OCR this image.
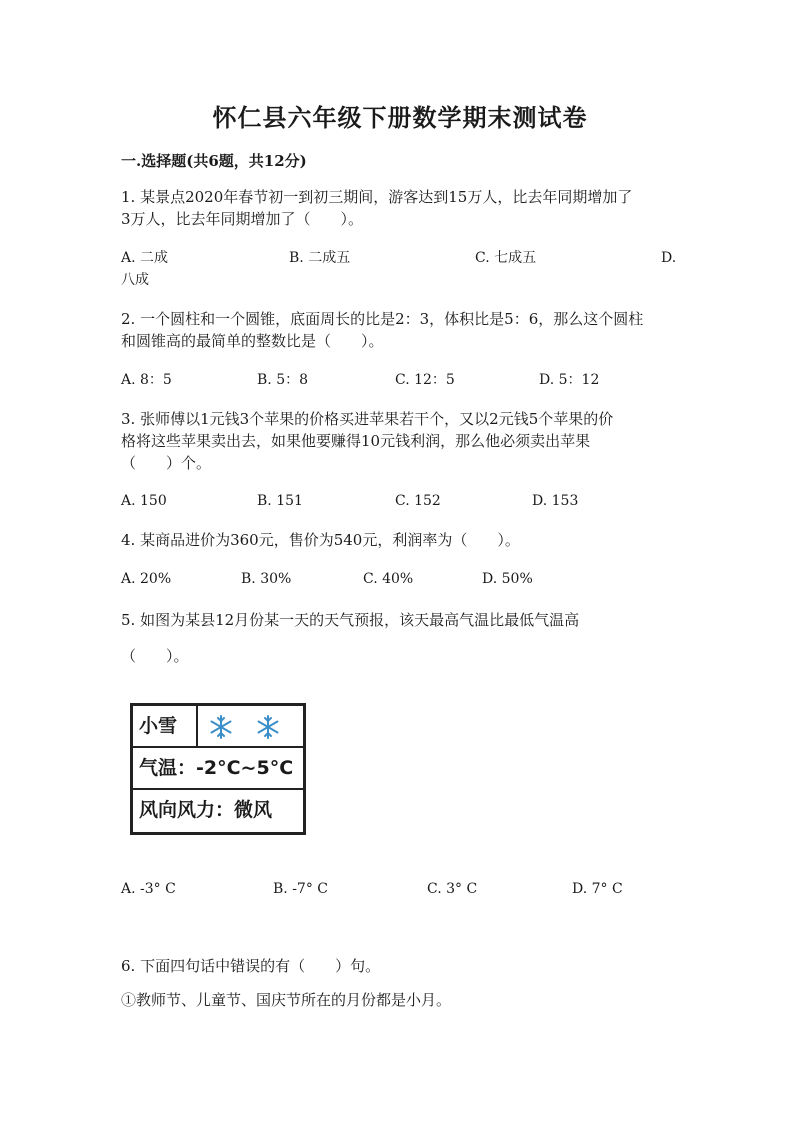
怀仁县六年级下册数学期末测试卷
一.选择题(共6题，共12分)
1. 某景点2020年春节初一到初三期间，游客达到15万人，比去年同期增加了
3万人，比去年同期增加了（　　）。
A. 二成	B. 二成五	C. 七成五	D.
八成
2. 一个圆柱和一个圆锥，底面周长的比是2：3，体积比是5：6，那么这个圆柱
和圆锥高的最简单的整数比是（　　）。
A. 8：5	B. 5：8	C. 12：5	D. 5：12
3. 张师傅以1元钱3个苹果的价格买进苹果若干个，又以2元钱5个苹果的价
格将这些苹果卖出去，如果他要赚得10元钱利润，那么他必须卖出苹果
（　　）个。
A. 150	B. 151	C. 152	D. 153
4. 某商品进价为360元，售价为540元，利润率为（　　）。
A. 20%	B. 30%	C. 40%	D. 50%
5. 如图为某县12月份某一天的天气预报，该天最高气温比最低气温高
（　　）。
小雪
气温：-2°C~5°C
风向风力：微风
A. -3° C	B. -7° C	C. 3° C	D. 7° C
6. 下面四句话中错误的有（　　）句。
①教师节、儿童节、国庆节所在的月份都是小月。
